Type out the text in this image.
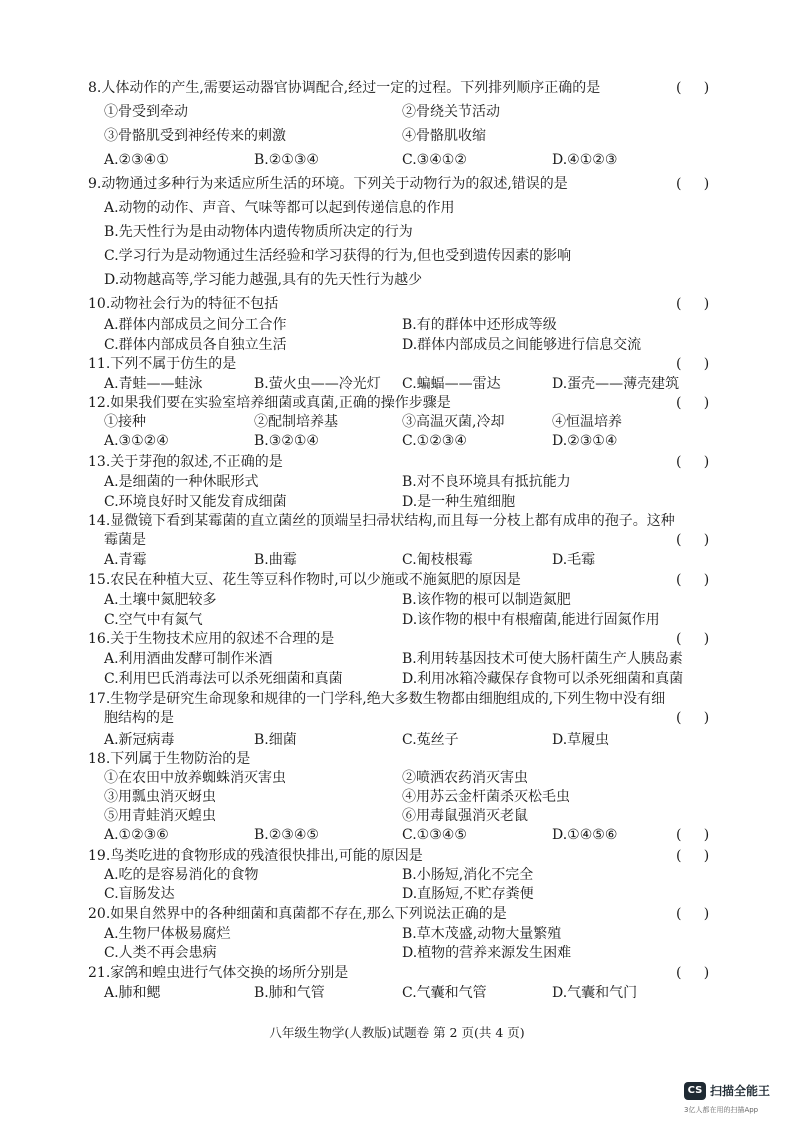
8.人体动作的产生,需要运动器官协调配合,经过一定的过程。下列排列顺序正确的是	(     )
①骨受到牵动	②骨绕关节活动
③骨骼肌受到神经传来的刺激	④骨骼肌收缩
A.②③④①	B.②①③④	C.③④①②	D.④①②③
9.动物通过多种行为来适应所生活的环境。下列关于动物行为的叙述,错误的是	(     )
A.动物的动作、声音、气味等都可以起到传递信息的作用
B.先天性行为是由动物体内遗传物质所决定的行为
C.学习行为是动物通过生活经验和学习获得的行为,但也受到遗传因素的影响
D.动物越高等,学习能力越强,具有的先天性行为越少
10.动物社会行为的特征不包括	(     )
A.群体内部成员之间分工合作	B.有的群体中还形成等级
C.群体内部成员各自独立生活	D.群体内部成员之间能够进行信息交流
11.下列不属于仿生的是	(     )
A.青蛙——蛙泳	B.萤火虫——冷光灯 C.蝙蝠——雷达	D.蛋壳——薄壳建筑
12.如果我们要在实验室培养细菌或真菌,正确的操作步骤是	(     )
①接种	②配制培养基	③高温灭菌,冷却	④恒温培养
A.③①②④	B.③②①④	C.①②③④	D.②③①④
13.关于芽孢的叙述,不正确的是	(     )
A.是细菌的一种休眠形式	B.对不良环境具有抵抗能力
C.环境良好时又能发育成细菌	D.是一种生殖细胞
14.显微镜下看到某霉菌的直立菌丝的顶端呈扫帚状结构,而且每一分枝上都有成串的孢子。这种
霉菌是	(     )
A.青霉	B.曲霉	C.匍枝根霉	D.毛霉
15.农民在种植大豆、花生等豆科作物时,可以少施或不施氮肥的原因是	(     )
A.土壤中氮肥较多	B.该作物的根可以制造氮肥
C.空气中有氮气	D.该作物的根中有根瘤菌,能进行固氮作用
16.关于生物技术应用的叙述不合理的是	(     )
A.利用酒曲发酵可制作米酒	B.利用转基因技术可使大肠杆菌生产人胰岛素
C.利用巴氏消毒法可以杀死细菌和真菌	D.利用冰箱冷藏保存食物可以杀死细菌和真菌
17.生物学是研究生命现象和规律的一门学科,绝大多数生物都由细胞组成的,下列生物中没有细
胞结构的是	(     )
A.新冠病毒	B.细菌	C.菟丝子	D.草履虫
18.下列属于生物防治的是
①在农田中放养蜘蛛消灭害虫	②喷洒农药消灭害虫
③用瓢虫消灭蚜虫	④用苏云金杆菌杀灭松毛虫
⑤用青蛙消灭蝗虫	⑥用毒鼠强消灭老鼠
A.①②③⑥	B.②③④⑤	C.①③④⑤	D.①④⑤⑥	(     )
19.鸟类吃进的食物形成的残渣很快排出,可能的原因是	(     )
A.吃的是容易消化的食物	B.小肠短,消化不完全
C.盲肠发达	D.直肠短,不贮存粪便
20.如果自然界中的各种细菌和真菌都不存在,那么下列说法正确的是	(     )
A.生物尸体极易腐烂	B.草木茂盛,动物大量繁殖
C.人类不再会患病	D.植物的营养来源发生困难
21.家鸽和蝗虫进行气体交换的场所分别是	(     )
A.肺和鳃	B.肺和气管	C.气囊和气管	D.气囊和气门
八年级生物学(人教版)试题卷 第 2 页(共 4 页)
CS 扫描全能王
3亿人都在用的扫描App
